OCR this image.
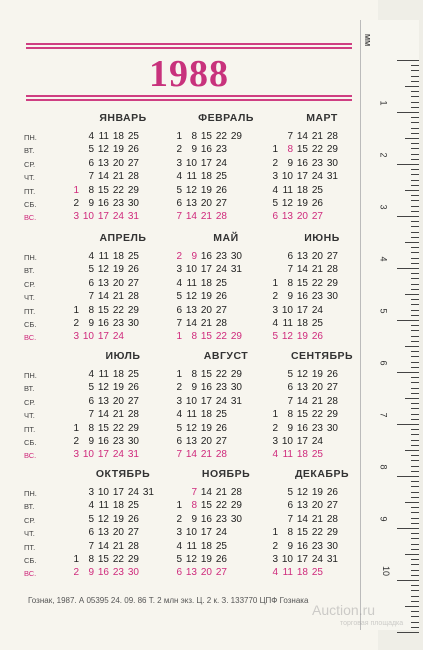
1988
ЯНВАРЬ
4 11 18 25
5 12 19 26
6 13 20 27
7 14 21 28
1 8 15 22 29
2 9 16 23 30
3 10 17 24 31
ПН.
ВТ.
СР.
ЧТ.
ПТ.
СБ.
ВС.
ФЕВРАЛЬ
1 8 15 22 29
2 9 16 23
3 10 17 24
4 11 18 25
5 12 19 26
6 13 20 27
7 14 21 28
МАРТ
7 14 21 28
1 8 15 22 29
2 9 16 23 30
3 10 17 24 31
4 11 18 25
5 12 19 26
6 13 20 27
АПРЕЛЬ
4 11 18 25
5 12 19 26
6 13 20 27
7 14 21 28
1 8 15 22 29
2 9 16 23 30
3 10 17 24
ПН.
ВТ.
СР.
ЧТ.
ПТ.
СБ.
ВС.
МАЙ
2 9 16 23 30
3 10 17 24 31
4 11 18 25
5 12 19 26
6 13 20 27
7 14 21 28
1 8 15 22 29
ИЮНЬ
6 13 20 27
7 14 21 28
1 8 15 22 29
2 9 16 23 30
3 10 17 24
4 11 18 25
5 12 19 26
ИЮЛЬ
4 11 18 25
5 12 19 26
6 13 20 27
7 14 21 28
1 8 15 22 29
2 9 16 23 30
3 10 17 24 31
ПН.
ВТ.
СР.
ЧТ.
ПТ.
СБ.
ВС.
АВГУСТ
1 8 15 22 29
2 9 16 23 30
3 10 17 24 31
4 11 18 25
5 12 19 26
6 13 20 27
7 14 21 28
СЕНТЯБРЬ
5 12 19 26
6 13 20 27
7 14 21 28
1 8 15 22 29
2 9 16 23 30
3 10 17 24
4 11 18 25
ОКТЯБРЬ
3 10 17 24 31
4 11 18 25
5 12 19 26
6 13 20 27
7 14 21 28
1 8 15 22 29
2 9 16 23 30
ПН.
ВТ.
СР.
ЧТ.
ПТ.
СБ.
ВС.
НОЯБРЬ
7 14 21 28
1 8 15 22 29
2 9 16 23 30
3 10 17 24
4 11 18 25
5 12 19 26
6 13 20 27
ДЕКАБРЬ
5 12 19 26
6 13 20 27
7 14 21 28
1 8 15 22 29
2 9 16 23 30
3 10 17 24 31
4 11 18 25
Гознак, 1987. А 05395 24. 09. 86 Т. 2 млн экз. Ц. 2 к. З. 133770 ЦПФ Гознака
1
2
3
4
5
6
7
8
9
10
мм
Auction.ru
торговая площадка
